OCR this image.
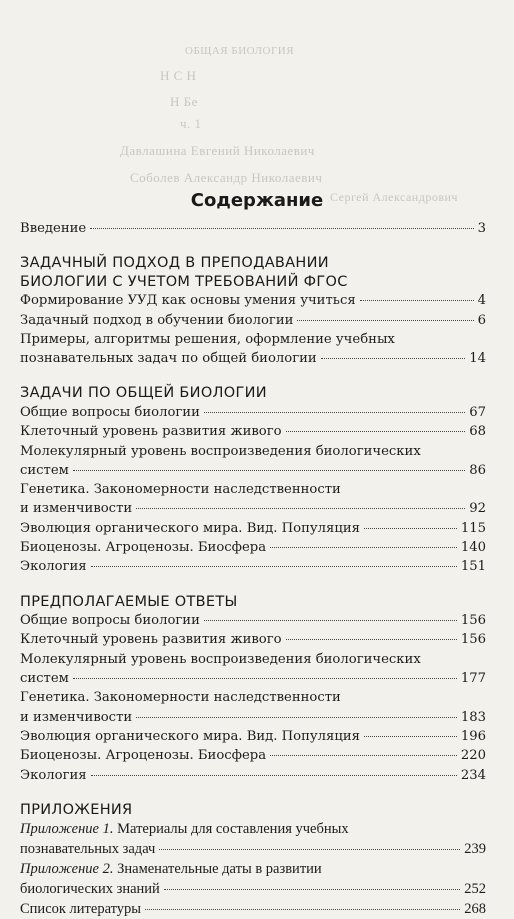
ОБЩАЯ БИОЛОГИЯ
Н С Н
Н Бе
ч. 1
Давлашина Евгений Николаевич
Соболев Александр Николаевич
Сергей Александрович
Содержание
Введение	3
ЗАДАЧНЫЙ ПОДХОД В ПРЕПОДАВАНИИ
БИОЛОГИИ С УЧЕТОМ ТРЕБОВАНИЙ ФГОС
Формирование УУД как основы умения учиться	4
Задачный подход в обучении биологии	6
Примеры, алгоритмы решения, оформление учебных
познавательных задач по общей биологии	14
ЗАДАЧИ ПО ОБЩЕЙ БИОЛОГИИ
Общие вопросы биологии	67
Клеточный уровень развития живого	68
Молекулярный уровень воспроизведения биологических
систем	86
Генетика. Закономерности наследственности
и изменчивости	92
Эволюция органического мира. Вид. Популяция	115
Биоценозы. Агроценозы. Биосфера	140
Экология	151
ПРЕДПОЛАГАЕМЫЕ ОТВЕТЫ
Общие вопросы биологии	156
Клеточный уровень развития живого	156
Молекулярный уровень воспроизведения биологических
систем	177
Генетика. Закономерности наследственности
и изменчивости	183
Эволюция органического мира. Вид. Популяция	196
Биоценозы. Агроценозы. Биосфера	220
Экология	234
ПРИЛОЖЕНИЯ
Приложение 1. Материалы для составления учебных
познавательных задач	239
Приложение 2. Знаменательные даты в развитии
биологических знаний	252
Список литературы	268
